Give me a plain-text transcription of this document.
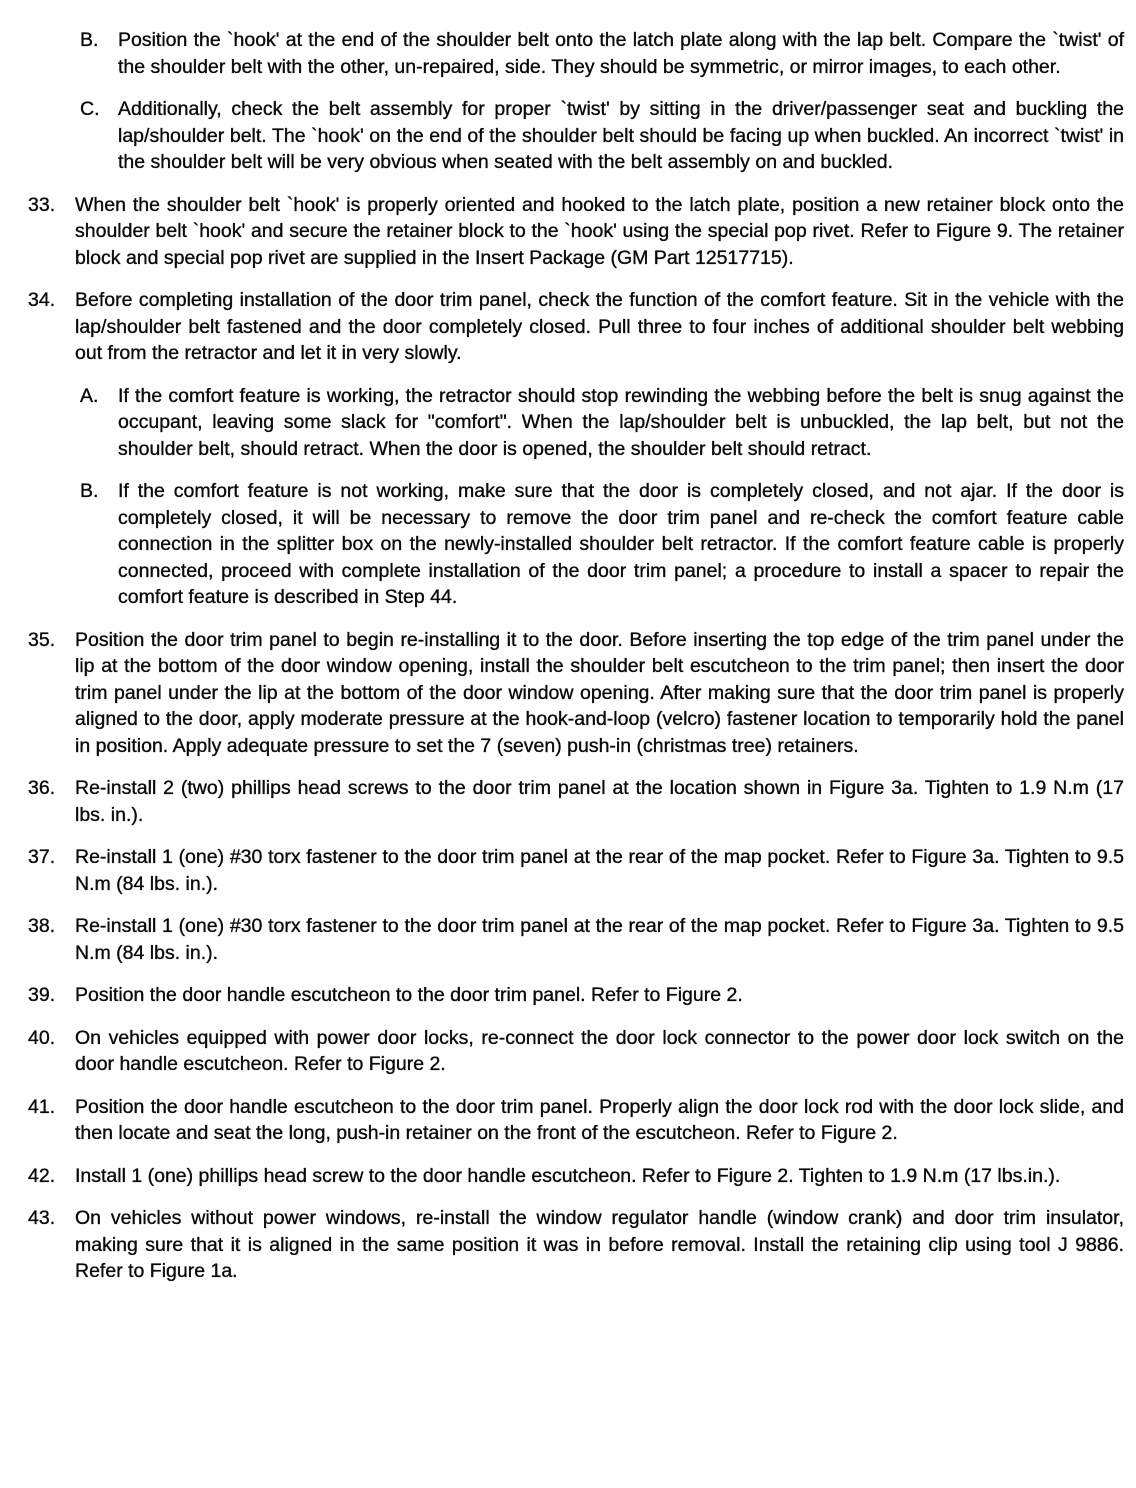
B.	Position the `hook' at the end of the shoulder belt onto the latch plate along with the lap belt. Compare the `twist' of the shoulder belt with the other, un-repaired, side. They should be symmetric, or mirror images, to each other.

C. Additionally, check the belt assembly for proper `twist' by sitting in the driver/passenger seat and buckling the lap/shoulder belt. The `hook' on the end of the shoulder belt should be facing up when buckled. An incorrect `twist' in the shoulder belt will be very obvious when seated with the belt assembly on and buckled.

33.	When the shoulder belt `hook' is properly oriented and hooked to the latch plate, position a new retainer block onto the shoulder belt `hook' and secure the retainer block to the `hook' using the special pop rivet. Refer to Figure 9. The retainer block and special pop rivet are supplied in the Insert Package (GM Part 12517715).

34.	Before completing installation of the door trim panel, check the function of the comfort feature. Sit in the vehicle with the lap/shoulder belt fastened and the door completely closed. Pull three to four inches of additional shoulder belt webbing out from the retractor and let it in very slowly.

A.	If the comfort feature is working, the retractor should stop rewinding the webbing before the belt is snug against the occupant, leaving some slack for "comfort". When the lap/shoulder belt is unbuckled, the lap belt, but not the shoulder belt, should retract. When the door is opened, the shoulder belt should retract.

B.	If the comfort feature is not working, make sure that the door is completely closed, and not ajar. If the door is completely closed, it will be necessary to remove the door trim panel and re-check the comfort feature cable connection in the splitter box on the newly-installed shoulder belt retractor. If the comfort feature cable is properly connected, proceed with complete installation of the door trim panel; a procedure to install a spacer to repair the comfort feature is described in Step 44.

35.	Position the door trim panel to begin re-installing it to the door. Before inserting the top edge of the trim panel under the lip at the bottom of the door window opening, install the shoulder belt escutcheon to the trim panel; then insert the door trim panel under the lip at the bottom of the door window opening. After making sure that the door trim panel is properly aligned to the door, apply moderate pressure at the hook-and-loop (velcro) fastener location to temporarily hold the panel in position. Apply adequate pressure to set the 7 (seven) push-in (christmas tree) retainers.

36.	Re-install 2 (two) phillips head screws to the door trim panel at the location shown in Figure 3a. Tighten to 1.9 N.m (17 lbs. in.).

37.	Re-install 1 (one) #30 torx fastener to the door trim panel at the rear of the map pocket. Refer to Figure 3a. Tighten to 9.5 N.m (84 lbs. in.).

38.	Re-install 1 (one) #30 torx fastener to the door trim panel at the rear of the map pocket. Refer to Figure 3a. Tighten to 9.5 N.m (84 lbs. in.).

39.	Position the door handle escutcheon to the door trim panel. Refer to Figure 2.

40.	On vehicles equipped with power door locks, re-connect the door lock connector to the power door lock switch on the door handle escutcheon. Refer to Figure 2.

41.	Position the door handle escutcheon to the door trim panel. Properly align the door lock rod with the door lock slide, and then locate and seat the long, push-in retainer on the front of the escutcheon. Refer to Figure 2.

42.	Install 1 (one) phillips head screw to the door handle escutcheon. Refer to Figure 2. Tighten to 1.9 N.m (17 lbs.in.).

43.	On vehicles without power windows, re-install the window regulator handle (window crank) and door trim insulator, making sure that it is aligned in the same position it was in before removal. Install the retaining clip using tool J 9886. Refer to Figure 1a.
